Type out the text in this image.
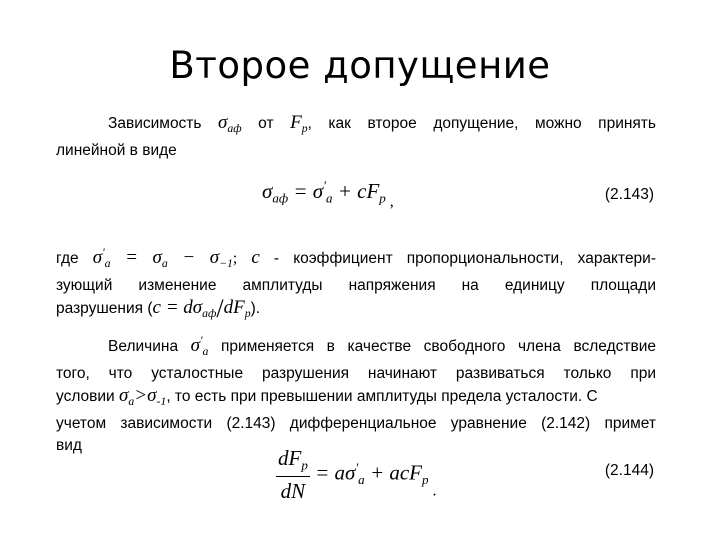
Второе допущение
Зависимость $\sigma_{аф}$ от $F_p$, как второе допущение, можно принять
линейной в виде
$\sigma_{аф} = \sigma'_a + cF_p$ $_,$	(2.143)
где $\sigma'_a = \sigma_a - \sigma_{-1}$; c - коэффициент пропорциональности, характери-
зующий изменение амплитуды напряжения на единицу площади
разрушения $(c = d\sigma_{аф}/dF_p)$.
Величина $\sigma'_a$ применяется в качестве свободного члена вследствие
того, что усталостные разрушения начинают развиваться только при
условии $\sigma_a>\sigma_{-1}$, то есть при превышении амплитуды предела усталости. С
учетом зависимости (2.143) дифференциальное уравнение (2.142) примет
вид
$\frac{dF_p}{dN} = a\sigma'_a + acF_p$ $_.$
(2.144)
